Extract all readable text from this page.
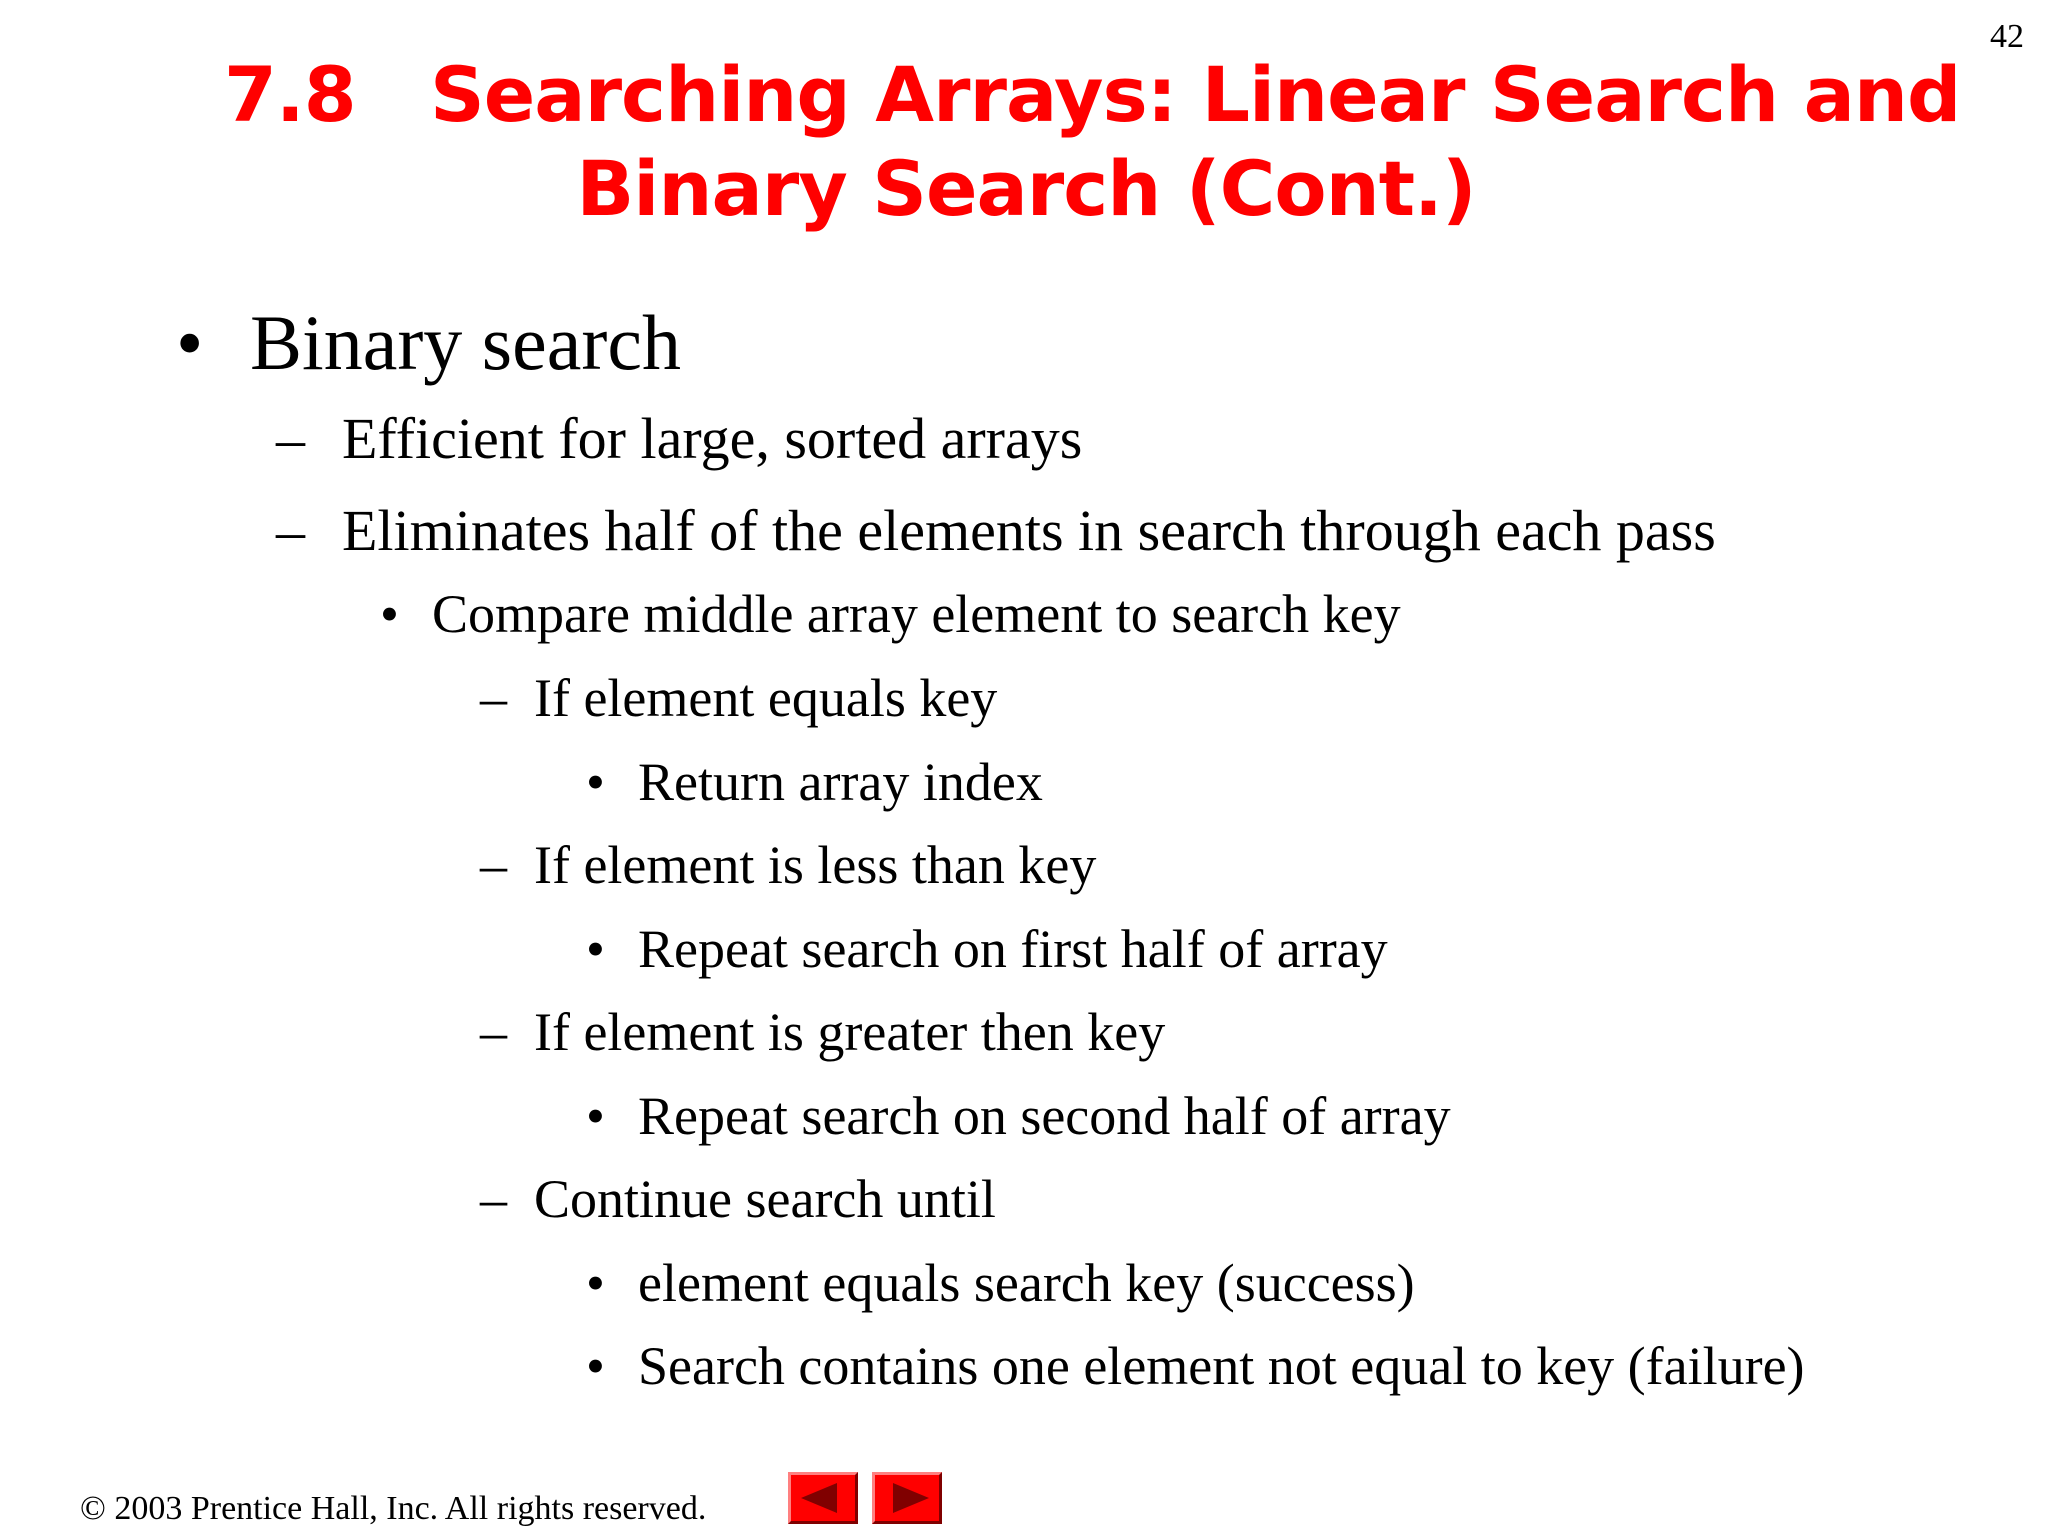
42
7.8 Searching Arrays: Linear Search and
Binary Search (Cont.)
• Binary search
– Efficient for large, sorted arrays
– Eliminates half of the elements in search through each pass
• Compare middle array element to search key
– If element equals key
• Return array index
– If element is less than key
• Repeat search on first half of array
– If element is greater then key
• Repeat search on second half of array
– Continue search until
• element equals search key (success)
• Search contains one element not equal to key (failure)
© 2003 Prentice Hall, Inc. All rights reserved.
